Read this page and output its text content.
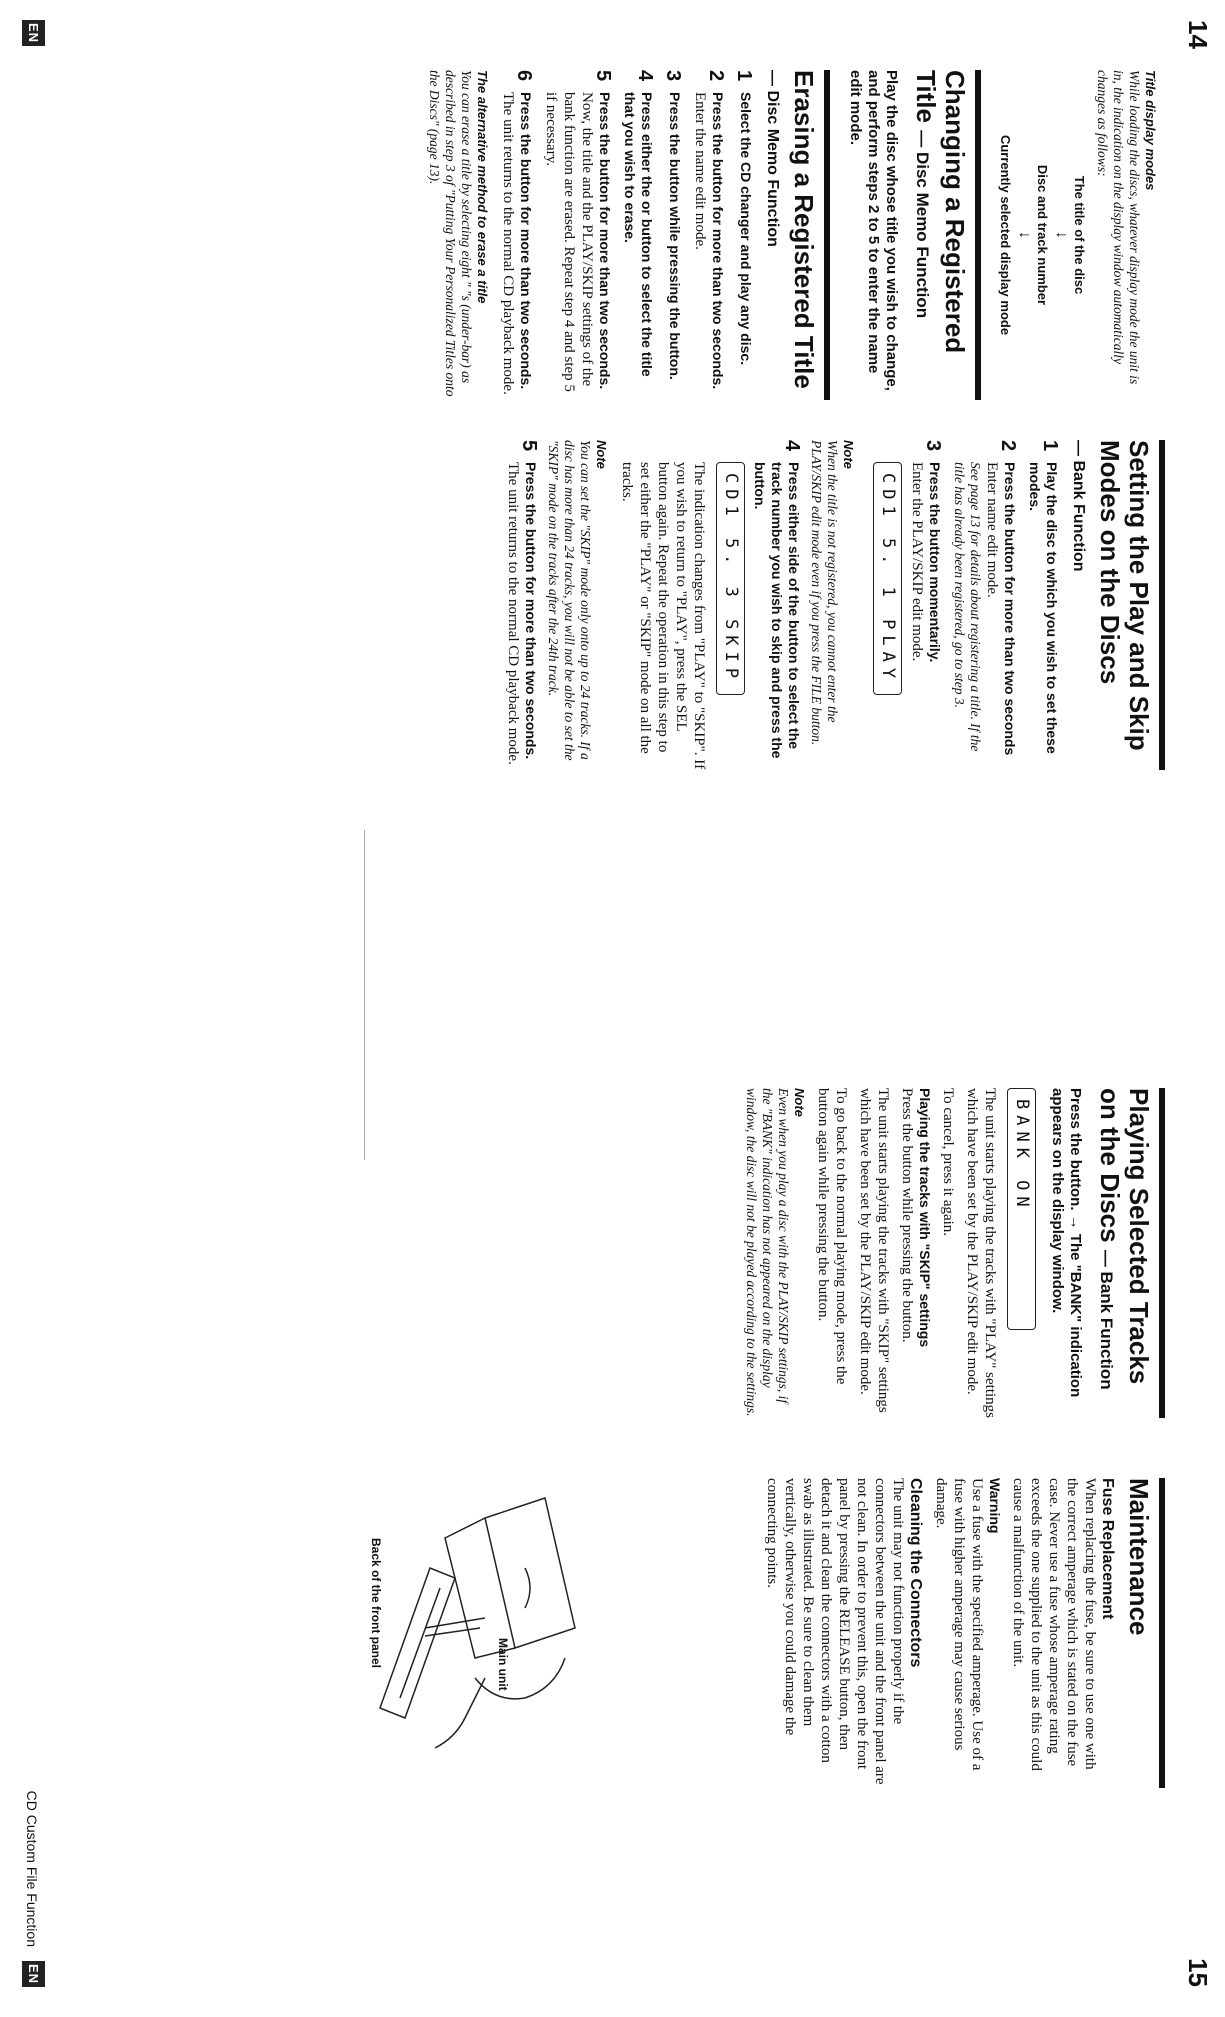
14
EN
Title display modes

While loading the discs, whatever display mode the unit is in, the indication on the display window automatically changes as follows:

The title of the disc
↓
Disc and track number
↓
Currently selected display mode
Changing a Registered Title — Disc Memo Function

Play the disc whose title you wish to change, and perform steps 2 to 5 to enter the name edit mode.

Erasing a Registered Title
— Disc Memo Function
1
Select the CD changer and play any disc.
2
Press the button for more than two seconds.
Enter the name edit mode.
3
Press the button while pressing the button.
4
Press either the or button to select the title that you wish to erase.
5
Press the button for more than two seconds.
Now, the title and the PLAY/SKIP settings of the bank function are erased. Repeat step 4 and step 5 if necessary.
6
Press the button for more than two seconds.
The unit returns to the normal CD playback mode.
The alternative method to erase a title

You can erase a title by selecting eight " "s (under-bar) as described in step 3 of "Putting Your Personalized Titles onto the Discs" (page 13).

Setting the Play and Skip Modes on the Discs
— Bank Function
1
Play the disc to which you wish to set these modes.
2
Press the button for more than two seconds
Enter name edit mode.
See page 13 for details about registering a title. If the title has already been registered, go to step 3.
3
Press the button momentarily.
Enter the PLAY/SKIP edit mode.
CD1 5. 1 PLAY
Note

When the title is not registered, you cannot enter the PLAY/SKIP edit mode even if you press the FILE button.

4
Press either side of the button to select the track number you wish to skip and press the button.
CD1 5. 3 SKIP
The indication changes from "PLAY" to "SKIP". If you wish to return to "PLAY", press the SEL button again. Repeat the operation in this step to set either the "PLAY" or "SKIP" mode on all the tracks.
Note

You can set the "SKIP" mode only onto up to 24 tracks. If a disc has more than 24 tracks, you will not be able to set the "SKIP" mode on the tracks after the 24th track.

5
Press the button for more than two seconds.
The unit returns to the normal CD playback mode.
15
EN
CD Custom File Function
Playing Selected Tracks on the Discs — Bank Function

Press the button. → The "BANK" indication appears on the display window.

BANK ON

The unit starts playing the tracks with "PLAY" settings which have been set by the PLAY/SKIP edit mode.

To cancel, press it again.

Playing the tracks with "SKIP" settings

Press the button while pressing the button.

The unit starts playing the tracks with "SKIP" settings which have been set by the PLAY/SKIP edit mode.

To go back to the normal playing mode, press the button again while pressing the button.

Note

Even when you play a disc with the PLAY/SKIP settings, if the "BANK" indication has not appeared on the display window, the disc will not be played according to the settings.

Maintenance
Fuse Replacement

When replacing the fuse, be sure to use one with the correct amperage which is stated on the fuse case. Never use a fuse whose amperage rating exceeds the one supplied to the unit as this could cause a malfunction of the unit.

Warning

Use a fuse with the specified amperage. Use of a fuse with higher amperage may cause serious damage.

Cleaning the Connectors

The unit may not function properly if the connectors between the unit and the front panel are not clean. In order to prevent this, open the front panel by pressing the RELEASE button, then detach it and clean the connectors with a cotton swab as illustrated. Be sure to clean them vertically, otherwise you could damage the connecting points.

Main unit
Back of the front panel
